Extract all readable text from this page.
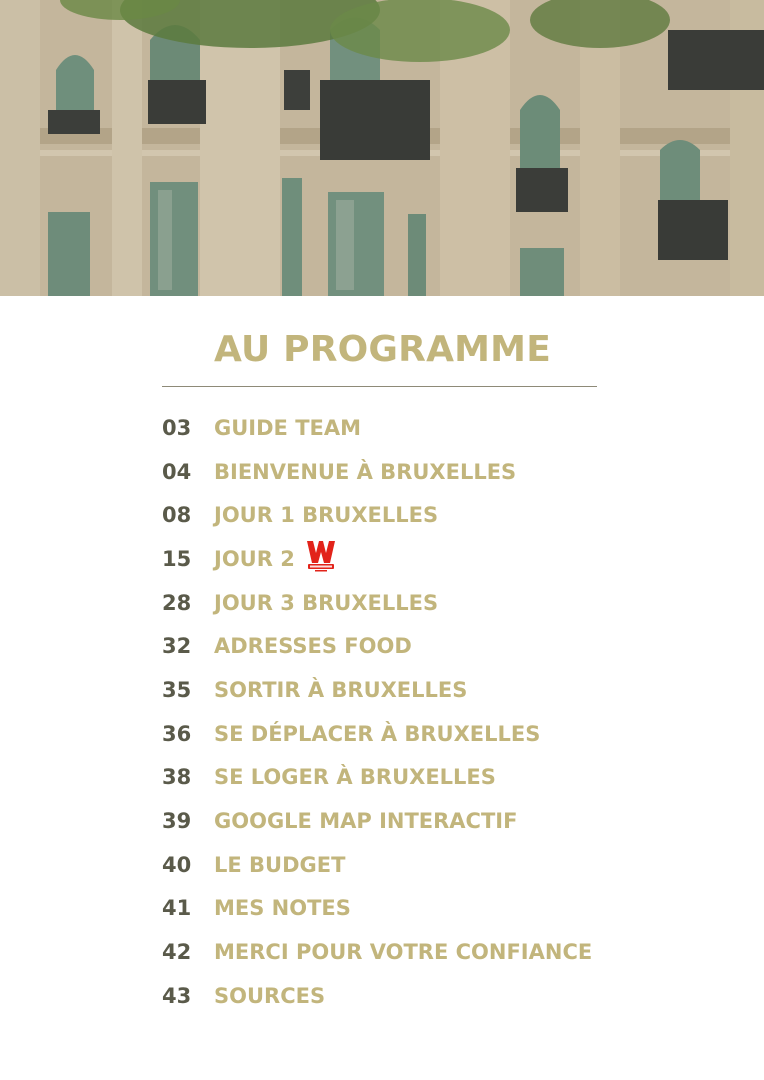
AU PROGRAMME
03	GUIDE TEAM
04	BIENVENUE À BRUXELLES
08	JOUR 1 BRUXELLES
15	JOUR 2
28	JOUR 3 BRUXELLES
32	ADRESSES FOOD
35	SORTIR À BRUXELLES
36	SE DÉPLACER À BRUXELLES
38	SE LOGER À BRUXELLES
39	GOOGLE MAP INTERACTIF
40	LE BUDGET
41	MES NOTES
42	MERCI POUR VOTRE CONFIANCE
43	SOURCES
